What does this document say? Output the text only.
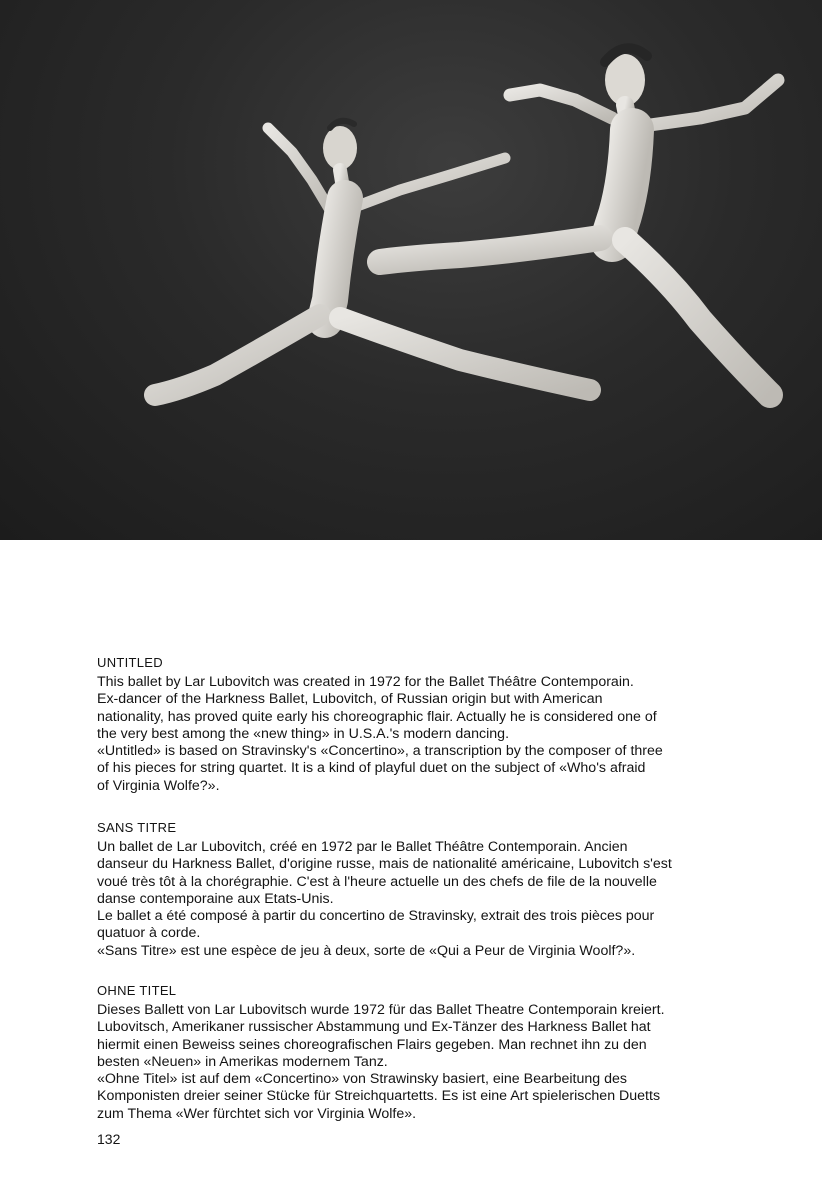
UNTITLED

This ballet by Lar Lubovitch was created in 1972 for the Ballet Théâtre Contemporain.
Ex-dancer of the Harkness Ballet, Lubovitch, of Russian origin but with American
nationality, has proved quite early his choreographic flair. Actually he is considered one of
the very best among the «new thing» in U.S.A.'s modern dancing.
«Untitled» is based on Stravinsky's «Concertino», a transcription by the composer of three
of his pieces for string quartet. It is a kind of playful duet on the subject of «Who's afraid
of Virginia Wolfe?».

SANS TITRE

Un ballet de Lar Lubovitch, créé en 1972 par le Ballet Théâtre Contemporain. Ancien
danseur du Harkness Ballet, d'origine russe, mais de nationalité américaine, Lubovitch s'est
voué très tôt à la chorégraphie. C'est à l'heure actuelle un des chefs de file de la nouvelle
danse contemporaine aux Etats-Unis.
Le ballet a été composé à partir du concertino de Stravinsky, extrait des trois pièces pour
quatuor à corde.
«Sans Titre» est une espèce de jeu à deux, sorte de «Qui a Peur de Virginia Woolf?».

OHNE TITEL

Dieses Ballett von Lar Lubovitsch wurde 1972 für das Ballet Theatre Contemporain kreiert.
Lubovitsch, Amerikaner russischer Abstammung und Ex-Tänzer des Harkness Ballet hat
hiermit einen Beweiss seines choreografischen Flairs gegeben. Man rechnet ihn zu den
besten «Neuen» in Amerikas modernem Tanz.
«Ohne Titel» ist auf dem «Concertino» von Strawinsky basiert, eine Bearbeitung des
Komponisten dreier seiner Stücke für Streichquartetts. Es ist eine Art spielerischen Duetts
zum Thema «Wer fürchtet sich vor Virginia Wolfe».

132
